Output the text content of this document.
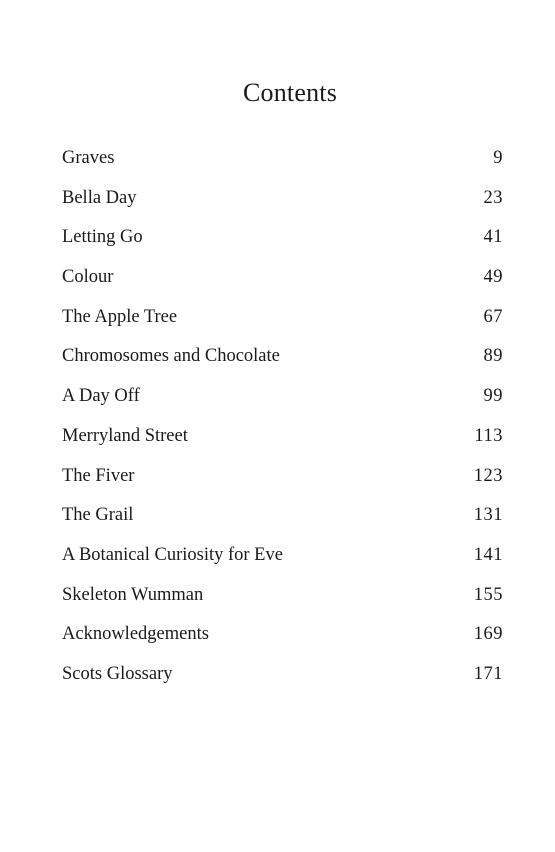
Contents
Graves	9
Bella Day	23
Letting Go	41
Colour	49
The Apple Tree	67
Chromosomes and Chocolate	89
A Day Off	99
Merryland Street	113
The Fiver	123
The Grail	131
A Botanical Curiosity for Eve	141
Skeleton Wumman	155
Acknowledgements	169
Scots Glossary	171
